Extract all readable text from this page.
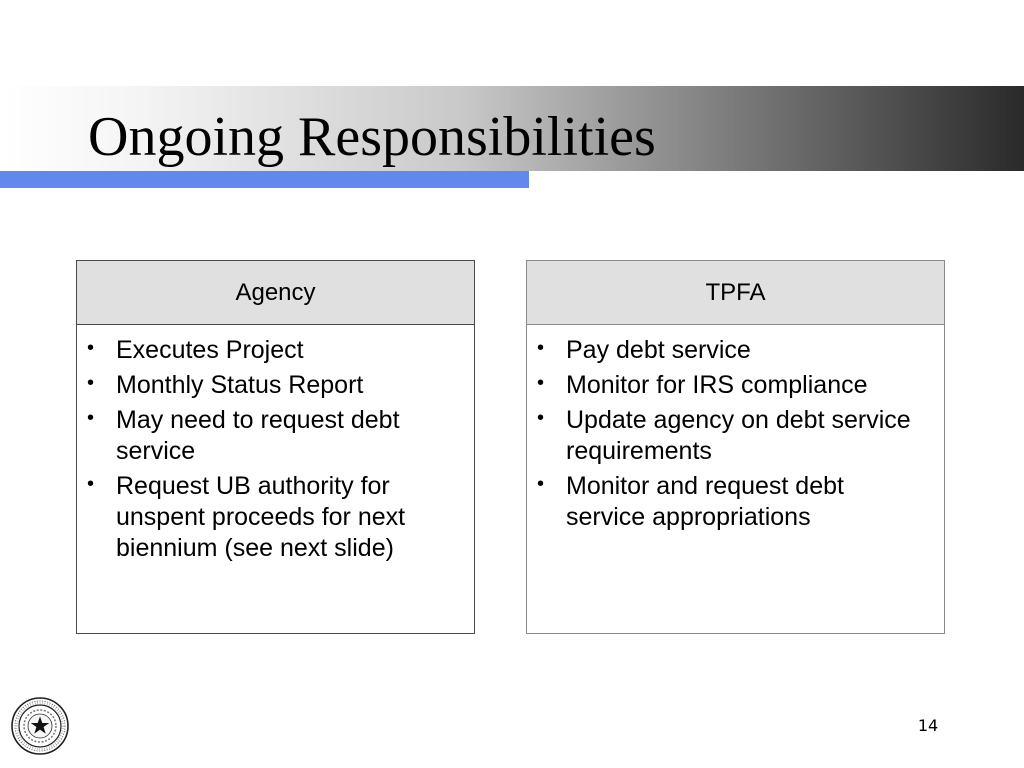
Ongoing Responsibilities
Agency
• Executes Project
• Monthly Status Report
• May need to request debt service
• Request UB authority for unspent proceeds for next biennium (see next slide)
TPFA
• Pay debt service
• Monitor for IRS compliance
• Update agency on debt service requirements
• Monitor and request debt service appropriations
14
